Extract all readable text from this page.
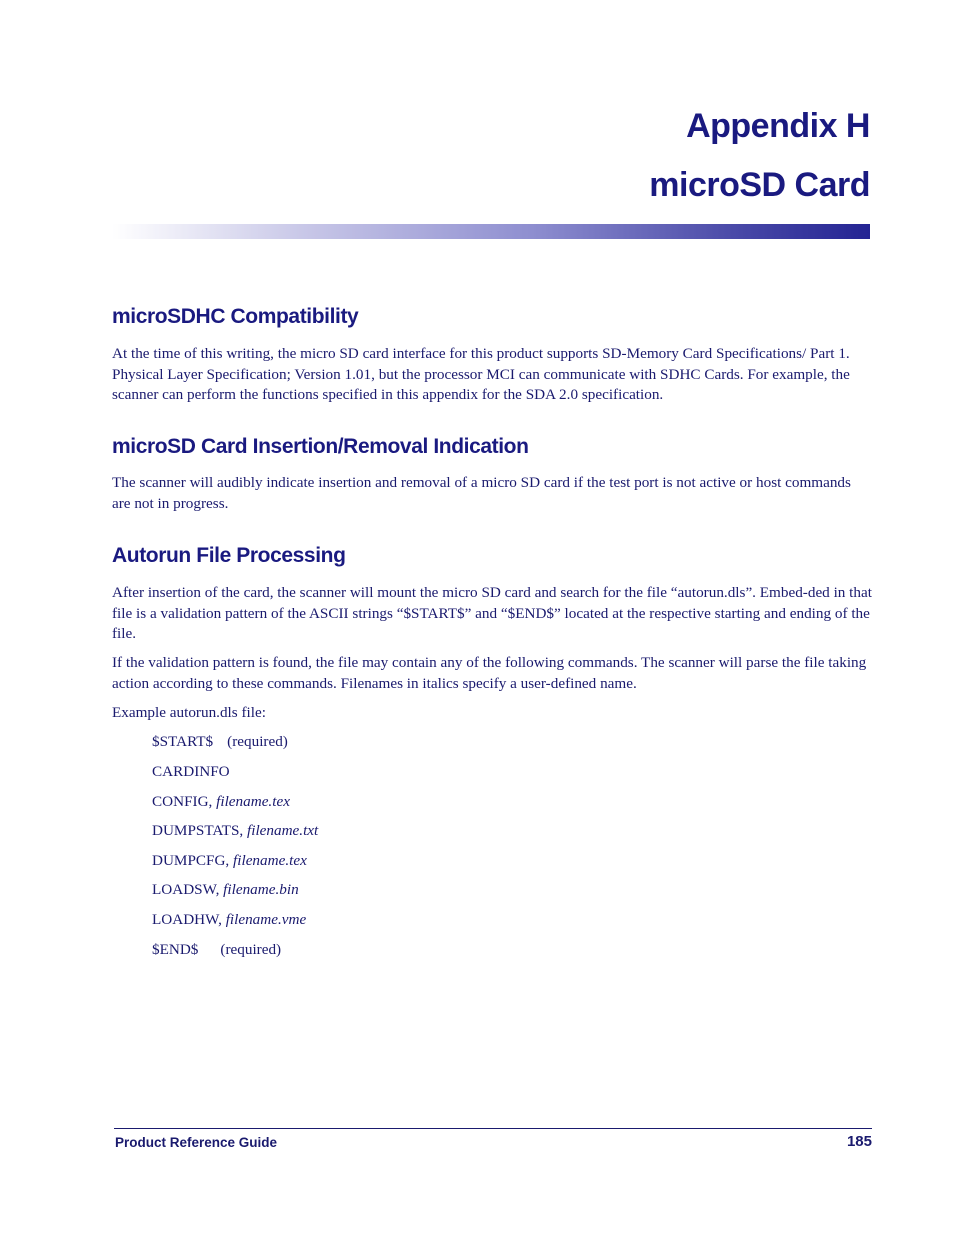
Appendix H
microSD Card
microSDHC Compatibility

At the time of this writing, the micro SD card interface for this product supports SD-Memory Card Specifications/ Part 1. Physical Layer Specification; Version 1.01, but the processor MCI can communicate with SDHC Cards. For example, the scanner can perform the functions specified in this appendix for the SDA 2.0 specification.

microSD Card Insertion/Removal Indication

The scanner will audibly indicate insertion and removal of a micro SD card if the test port is not active or host commands are not in progress.

Autorun File Processing

After insertion of the card, the scanner will mount the micro SD card and search for the file “autorun.dls”. Embed-ded in that file is a validation pattern of the ASCII strings “$START$” and “$END$” located at the respective starting and ending of the file.

If the validation pattern is found, the file may contain any of the following commands. The scanner will parse the file taking action according to these commands. Filenames in italics specify a user-defined name.

Example autorun.dls file:

$START$ (required)

CARDINFO

CONFIG, filename.tex

DUMPSTATS, filename.txt

DUMPCFG, filename.tex

LOADSW, filename.bin

LOADHW, filename.vme

$END$ (required)

Product Reference Guide	185
